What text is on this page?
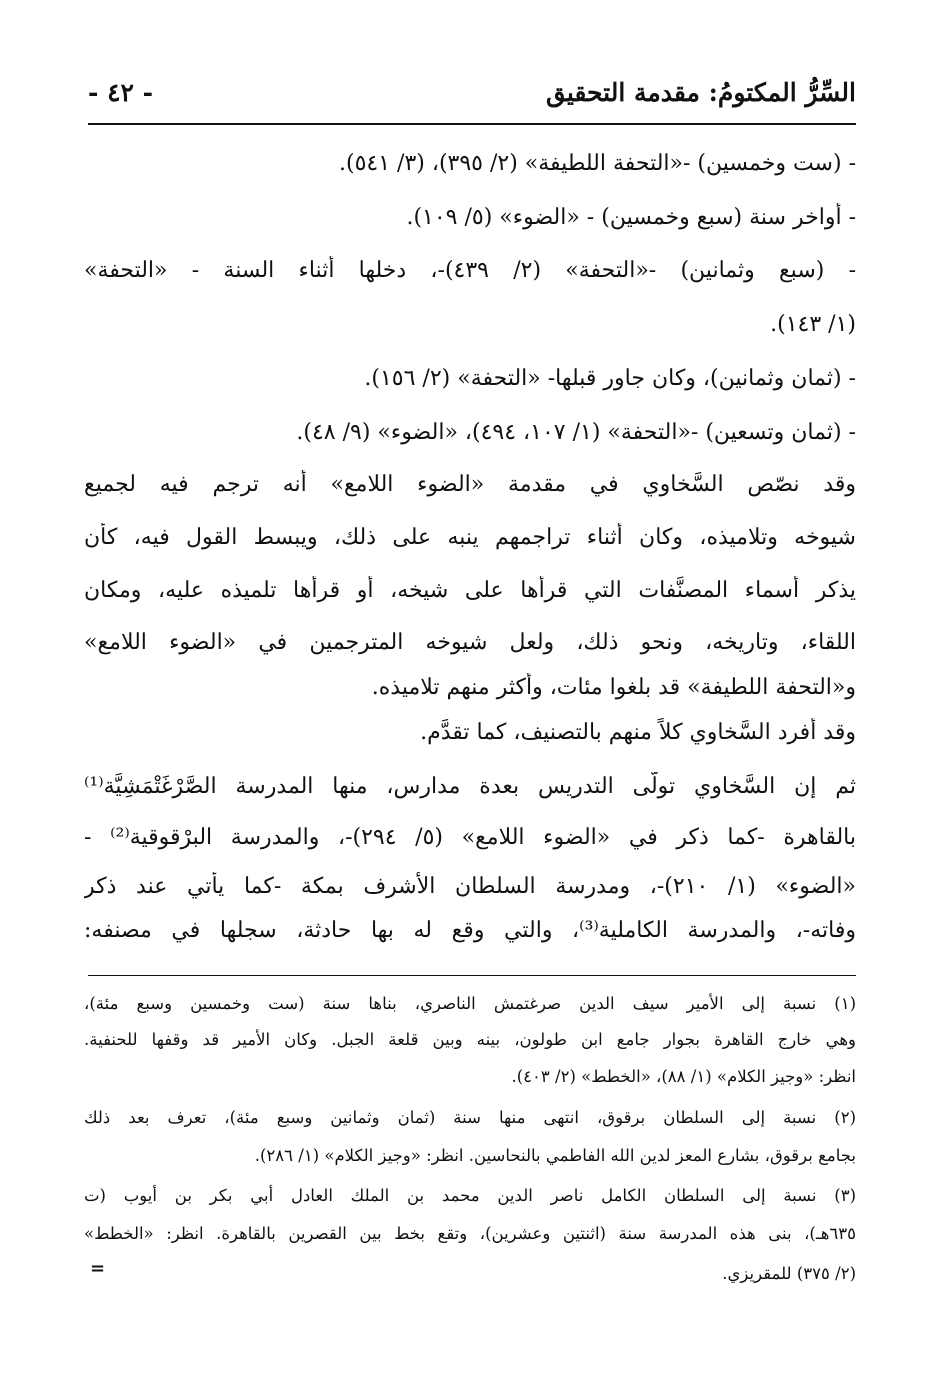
السِّرُّ المكتومُ: مقدمة التحقيق
- ٤٢ -
- (ست وخمسين) -«التحفة اللطيفة» (٢/ ٣٩٥)، (٣/ ٥٤١).
- أواخر سنة (سبع وخمسين) - «الضوء» (٥/ ١٠٩).
- (سبع وثمانين) -«التحفة» (٢/ ٤٣٩)-، دخلها أثناء السنة - «التحفة»
(١/ ١٤٣).
- (ثمان وثمانين)، وكان جاور قبلها- «التحفة» (٢/ ١٥٦).
- (ثمان وتسعين) -«التحفة» (١/ ١٠٧، ٤٩٤)، «الضوء» (٩/ ٤٨).
وقد نصّص السَّخاوي في مقدمة «الضوء اللامع» أنه ترجم فيه لجميع
شيوخه وتلاميذه، وكان أثناء تراجمهم ينبه على ذلك، ويبسط القول فيه، كأن
يذكر أسماء المصنَّفات التي قرأها على شيخه، أو قرأها تلميذه عليه، ومكان
اللقاء، وتاريخه، ونحو ذلك، ولعل شيوخه المترجمين في «الضوء اللامع»
و«التحفة اللطيفة» قد بلغوا مئات، وأكثر منهم تلاميذه.
وقد أفرد السَّخاوي كلاً منهم بالتصنيف، كما تقدَّم.
ثم إن السَّخاوي تولَّى التدريس بعدة مدارس، منها المدرسة الصَّرْغَتْمَشِيَّة⁽¹⁾
بالقاهرة -كما ذكر في «الضوء اللامع» (٥/ ٢٩٤)-، والمدرسة البرْقوقية⁽²⁾ -
«الضوء» (١/ ٢١٠)-، ومدرسة السلطان الأشرف بمكة -كما يأتي عند ذكر
وفاته-، والمدرسة الكاملية⁽³⁾، والتي وقع له بها حادثة، سجلها في مصنفه:
(١) نسبة إلى الأمير سيف الدين صرغتمش الناصري، بناها سنة (ست وخمسين وسبع مئة)،
وهي خارج القاهرة بجوار جامع ابن طولون، بينه وبين قلعة الجبل. وكان الأمير قد وقفها للحنفية.
انظر: «وجيز الكلام» (١/ ٨٨)، «الخطط» (٢/ ٤٠٣).
(٢) نسبة إلى السلطان برقوق، انتهى منها سنة (ثمان وثمانين وسبع مئة)، تعرف بعد ذلك
بجامع برقوق، بشارع المعز لدين الله الفاطمي بالنحاسين. انظر: «وجيز الكلام» (١/ ٢٨٦).
(٣) نسبة إلى السلطان الكامل ناصر الدين محمد بن الملك العادل أبي بكر بن أيوب (ت
٦٣٥هـ)، بنى هذه المدرسة سنة (اثنتين وعشرين)، وتقع بخط بين القصرين بالقاهرة. انظر: «الخطط»
(٢/ ٣٧٥) للمقريزي.
=
